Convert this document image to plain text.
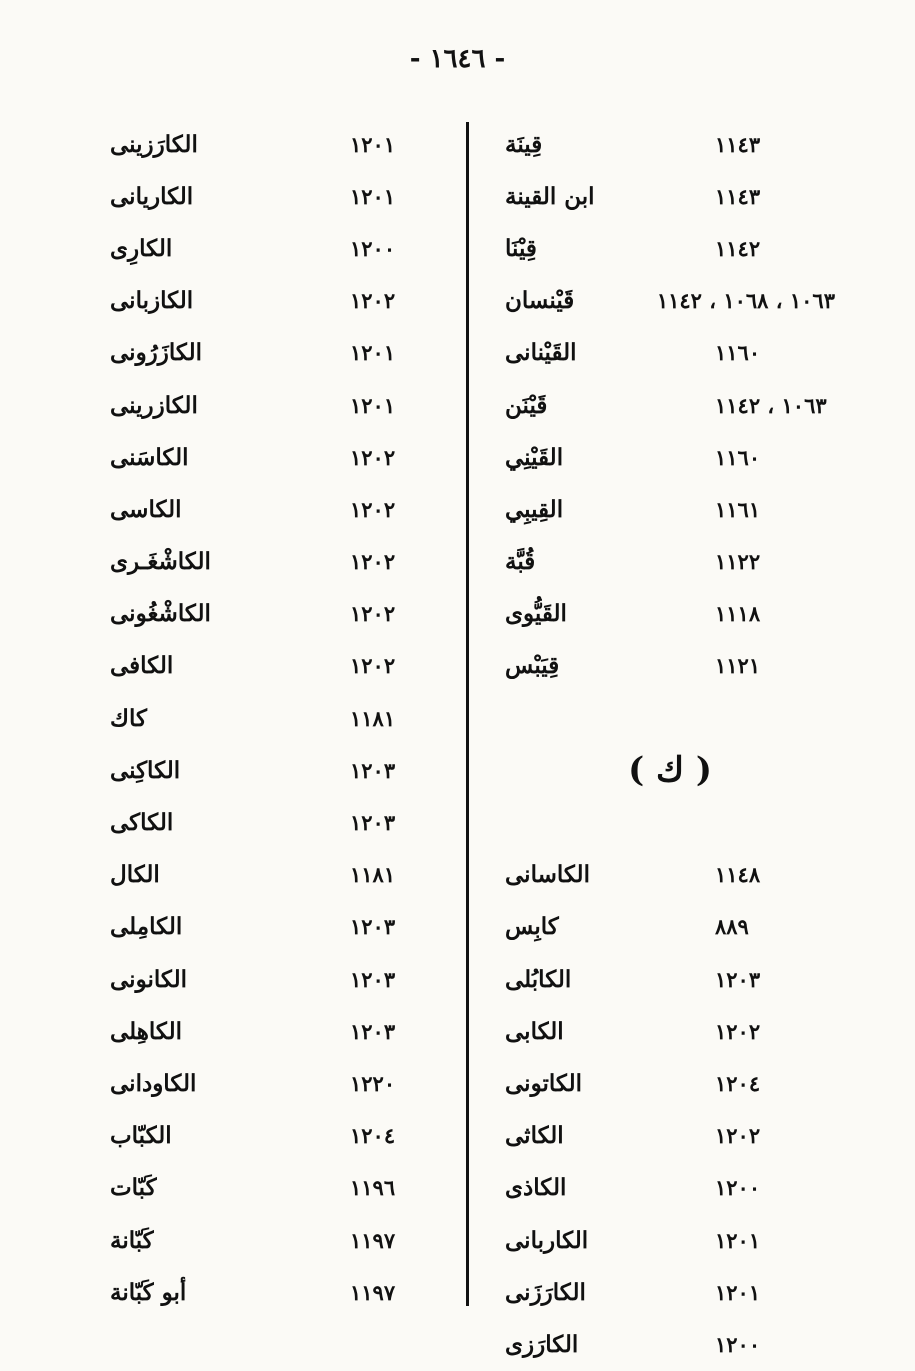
- ١٦٤٦ -
قِينَة	١١٤٣
ابن القينة	١١٤٣
قِيْنَا	١١٤٢
قَيْنسان	١٠٦٣ ، ١٠٦٨ ، ١١٤٢
القَيْنانى	١١٦٠
قَيْنَن	١٠٦٣ ، ١١٤٢
القَيْنِي	١١٦٠
القِيبِي	١١٦١
قُبَّة	١١٢٢
القَيُّوى	١١١٨
قِيَبْس	١١٢١
( ك )
الكاسانى	١١٤٨
كابِس	٨٨٩
الكابُلى	١٢٠٣
الكابى	١٢٠٢
الكاتونى	١٢٠٤
الكاثى	١٢٠٢
الكاذى	١٢٠٠
الكاربانى	١٢٠١
الكارَزَنى	١٢٠١
الكارَزى	١٢٠٠
الكارَزينى	١٢٠١
الكاريانى	١٢٠١
الكارِى	١٢٠٠
الكازبانى	١٢٠٢
الكازَرُونى	١٢٠١
الكازرينى	١٢٠١
الكاسَنى	١٢٠٢
الكاسى	١٢٠٢
الكاشْغَـرى	١٢٠٢
الكاشْغُونى	١٢٠٢
الكافى	١٢٠٢
كاك	١١٨١
الكاكِنى	١٢٠٣
الكاكى	١٢٠٣
الكال	١١٨١
الكامِلى	١٢٠٣
الكانونى	١٢٠٣
الكاهِلى	١٢٠٣
الكاودانى	١٢٢٠
الكبّاب	١٢٠٤
كَبّات	١١٩٦
كَبّانة	١١٩٧
أبو كَبّانة	١١٩٧
